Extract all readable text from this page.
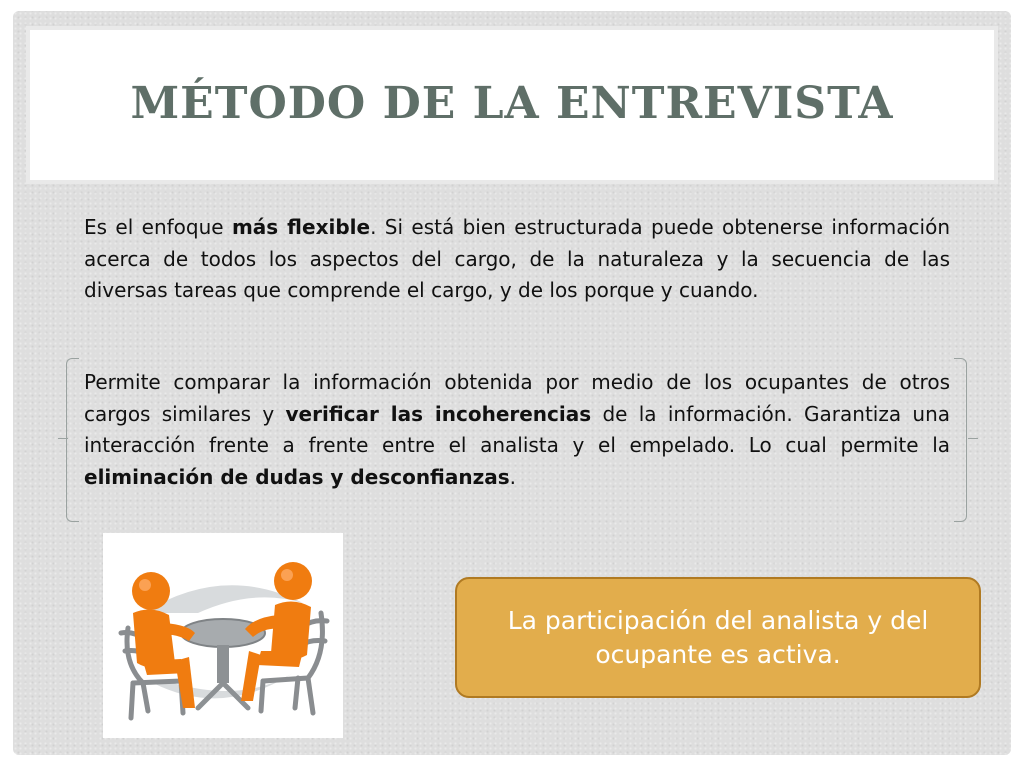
MÉTODO DE LA ENTREVISTA

Es el enfoque más flexible. Si está bien estructurada puede obtenerse información acerca de todos los aspectos del cargo, de la naturaleza y la secuencia de las diversas tareas que comprende el cargo, y de los porque y cuando.

Permite comparar la información obtenida por medio de los ocupantes de otros cargos similares y verificar las incoherencias de la información. Garantiza una interacción frente a frente entre el analista y el empelado. Lo cual permite la eliminación de dudas y desconfianzas.

La participación del analista y del ocupante es activa.
